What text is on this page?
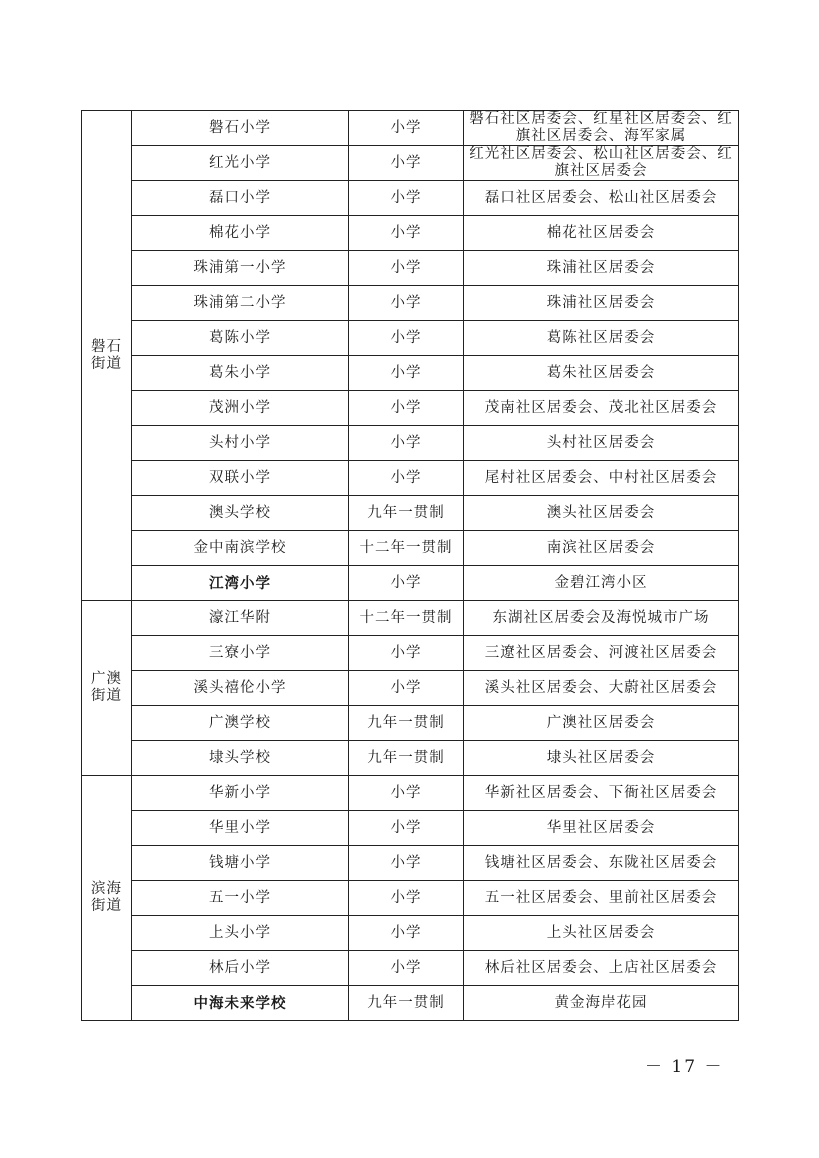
磐石街道	磐石小学	小学	磐石社区居委会、红星社区居委会、红旗社区居委会、海军家属
	红光小学	小学	红光社区居委会、松山社区居委会、红旗社区居委会
	磊口小学	小学	磊口社区居委会、松山社区居委会
	棉花小学	小学	棉花社区居委会
	珠浦第一小学	小学	珠浦社区居委会
	珠浦第二小学	小学	珠浦社区居委会
	葛陈小学	小学	葛陈社区居委会
	葛朱小学	小学	葛朱社区居委会
	茂洲小学	小学	茂南社区居委会、茂北社区居委会
	头村小学	小学	头村社区居委会
	双联小学	小学	尾村社区居委会、中村社区居委会
	澳头学校	九年一贯制	澳头社区居委会
	金中南滨学校	十二年一贯制	南滨社区居委会
	江湾小学	小学	金碧江湾小区
广澳街道	濠江华附	十二年一贯制	东湖社区居委会及海悦城市广场
	三寮小学	小学	三遼社区居委会、河渡社区居委会
	溪头禧伦小学	小学	溪头社区居委会、大蔚社区居委会
	广澳学校	九年一贯制	广澳社区居委会
	埭头学校	九年一贯制	埭头社区居委会
滨海街道	华新小学	小学	华新社区居委会、下衙社区居委会
	华里小学	小学	华里社区居委会
	钱塘小学	小学	钱塘社区居委会、东陇社区居委会
	五一小学	小学	五一社区居委会、里前社区居委会
	上头小学	小学	上头社区居委会
	林后小学	小学	林后社区居委会、上店社区居委会
	中海未来学校	九年一贯制	黄金海岸花园
－ 17 －
